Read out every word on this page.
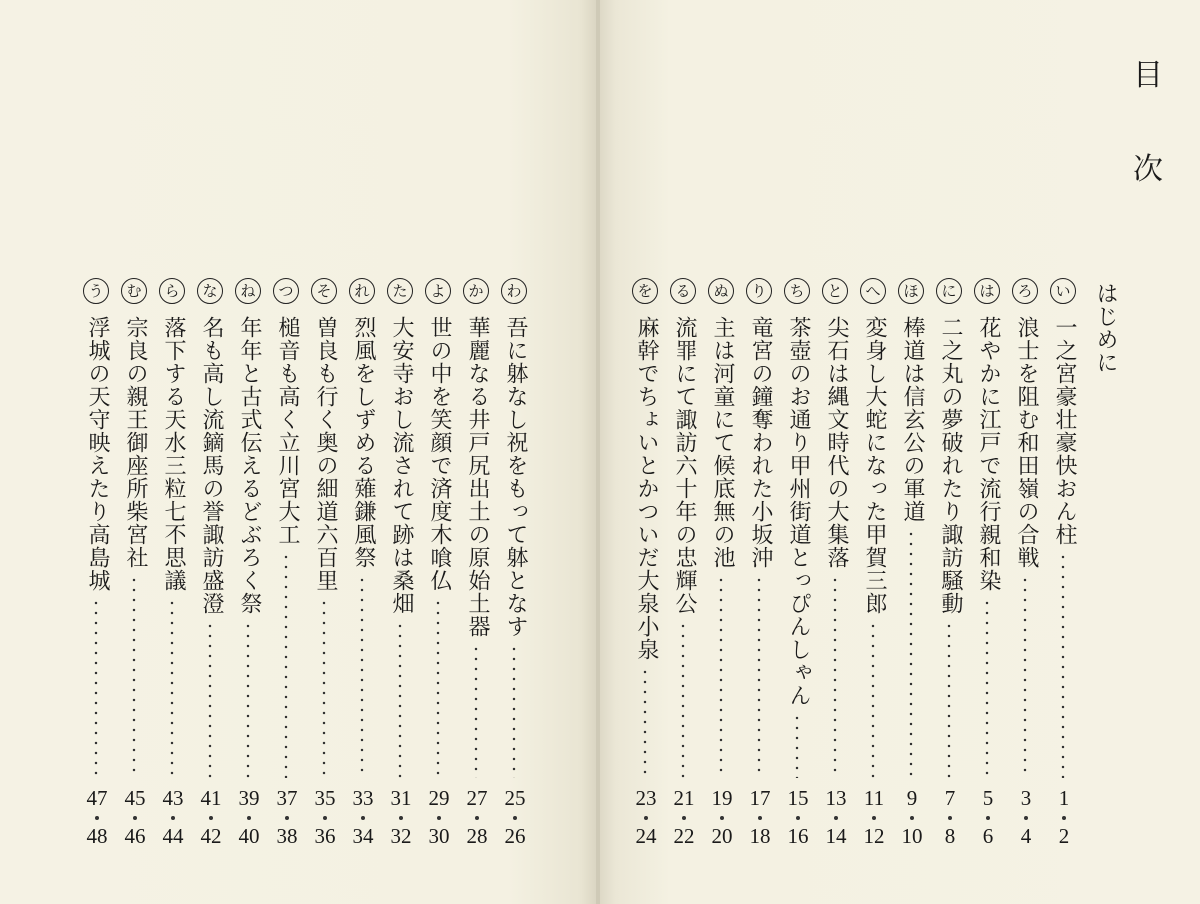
目
次
はじめに
い
一之宮豪壮豪快おん柱
1
2
ろ
浪士を阻む和田嶺の合戦
3
4
は
花やかに江戸で流行親和染
5
6
に
二之丸の夢破れたり諏訪騒動
7
8
ほ
棒道は信玄公の軍道
9
10
へ
変身し大蛇になった甲賀三郎
11
12
と
尖石は縄文時代の大集落
13
14
ち
茶壺のお通り甲州街道とっぴんしゃん
15
16
り
竜宮の鐘奪われた小坂沖
17
18
ぬ
主は河童にて候底無の池
19
20
る
流罪にて諏訪六十年の忠輝公
21
22
を
麻幹でちょいとかついだ大泉小泉
23
24
わ
吾に躰なし祝をもって躰となす
25
26
か
華麗なる井戸尻出土の原始土器
27
28
よ
世の中を笑顔で済度木喰仏
29
30
た
大安寺おし流されて跡は桑畑
31
32
れ
烈風をしずめる薙鎌風祭
33
34
そ
曽良も行く奥の細道六百里
35
36
つ
槌音も高く立川宮大工
37
38
ね
年年と古式伝えるどぶろく祭
39
40
な
名も高し流鏑馬の誉諏訪盛澄
41
42
ら
落下する天水三粒七不思議
43
44
む
宗良の親王御座所柴宮社
45
46
う
浮城の天守映えたり高島城
47
48
